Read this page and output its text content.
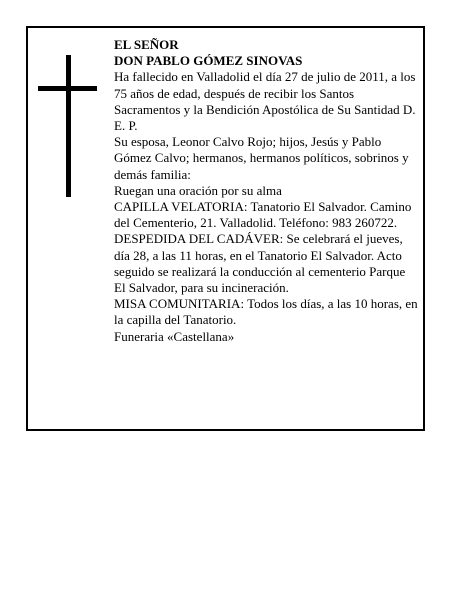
EL SEÑOR

DON PABLO GÓMEZ SINOVAS

Ha fallecido en Valladolid el día 27 de julio de 2011, a los 75 años de edad, después de recibir los Santos Sacramentos y la Bendición Apostólica de Su Santidad D. E. P.

Su esposa, Leonor Calvo Rojo; hijos, Jesús y Pablo Gómez Calvo; hermanos, hermanos políticos, sobrinos y demás familia:

Ruegan una oración por su alma

CAPILLA VELATORIA: Tanatorio El Salvador. Camino del Cementerio, 21. Valladolid. Teléfono: 983 260722.

DESPEDIDA DEL CADÁVER: Se celebrará el jueves, día 28, a las 11 horas, en el Tanatorio El Salvador. Acto seguido se realizará la conducción al cementerio Parque El Salvador, para su incineración.

MISA COMUNITARIA: Todos los días, a las 10 horas, en la capilla del Tanatorio.

Funeraria «Castellana»
